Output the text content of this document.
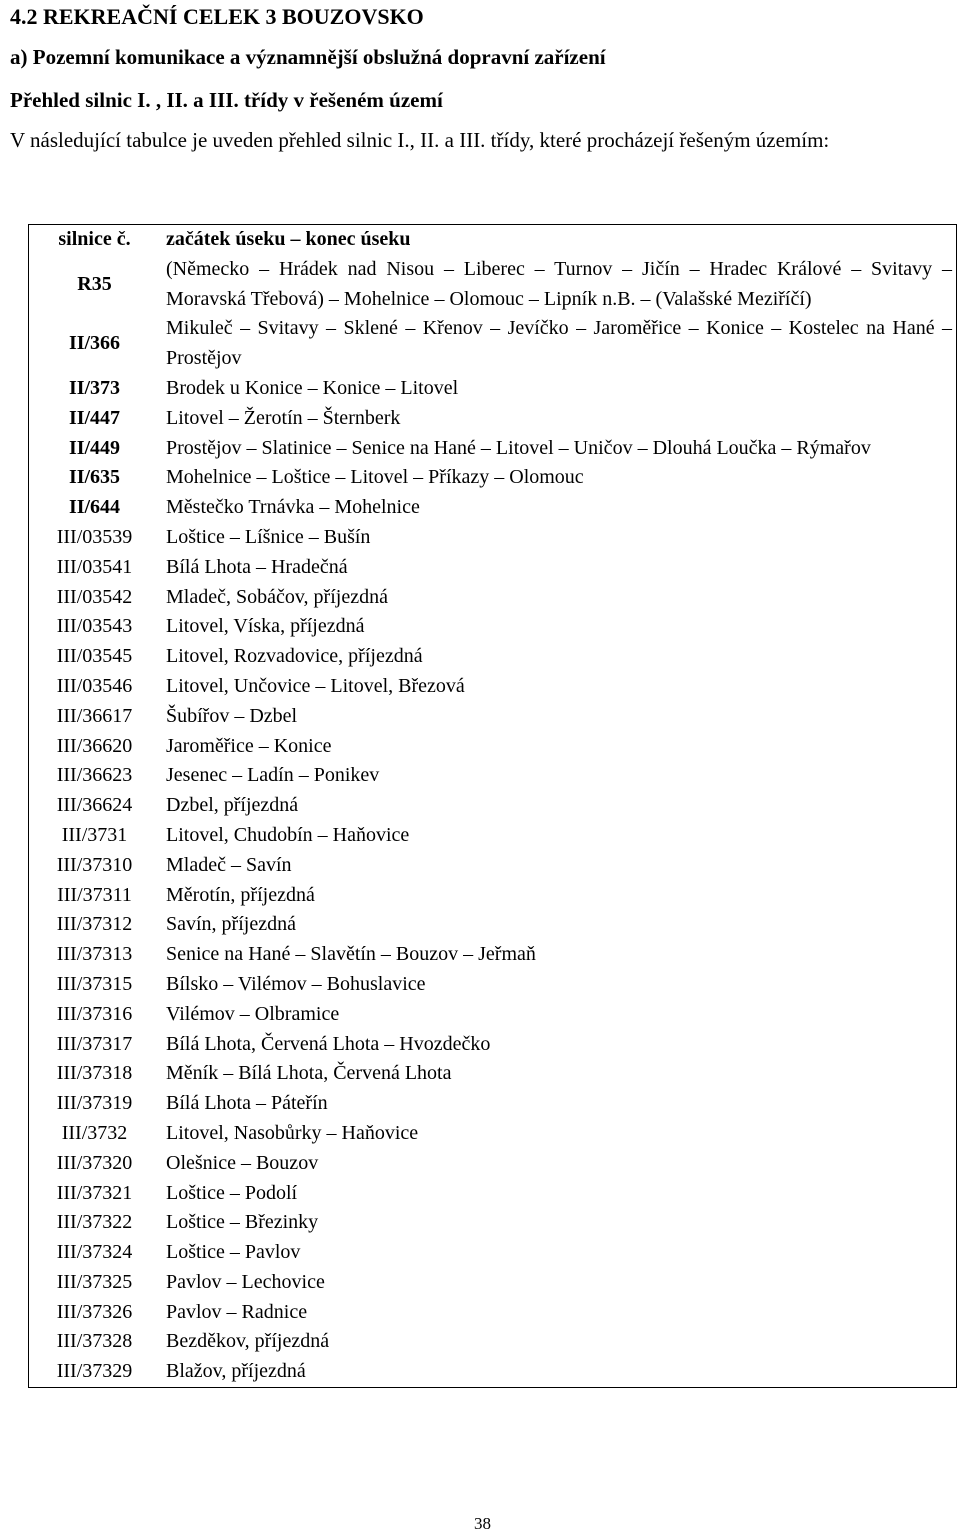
4.2 REKREAČNÍ CELEK 3 BOUZOVSKO
a) Pozemní komunikace a významnější obslužná dopravní zařízení
Přehled silnic I. , II. a III. třídy v řešeném území
V následující tabulce je uveden přehled silnic I., II. a III. třídy, které procházejí řešeným územím:
silnice č.	začátek úseku – konec úseku
R35	(Německo – Hrádek nad Nisou – Liberec – Turnov – Jičín – Hradec Králové – Svitavy – Moravská Třebová) – Mohelnice – Olomouc – Lipník n.B. – (Valašské Meziříčí)
II/366	Mikuleč – Svitavy – Sklené – Křenov – Jevíčko – Jaroměřice – Konice – Kostelec na Hané – Prostějov
II/373	Brodek u Konice – Konice – Litovel
II/447	Litovel – Žerotín – Šternberk
II/449	Prostějov – Slatinice – Senice na Hané – Litovel – Uničov – Dlouhá Loučka – Rýmařov
II/635	Mohelnice – Loštice – Litovel – Příkazy – Olomouc
II/644	Městečko Trnávka – Mohelnice
III/03539	Loštice – Líšnice – Bušín
III/03541	Bílá Lhota – Hradečná
III/03542	Mladeč, Sobáčov, příjezdná
III/03543	Litovel, Víska, příjezdná
III/03545	Litovel, Rozvadovice, příjezdná
III/03546	Litovel, Unčovice – Litovel, Březová
III/36617	Šubířov – Dzbel
III/36620	Jaroměřice – Konice
III/36623	Jesenec – Ladín – Ponikev
III/36624	Dzbel, příjezdná
III/3731	Litovel, Chudobín – Haňovice
III/37310	Mladeč – Savín
III/37311	Měrotín, příjezdná
III/37312	Savín, příjezdná
III/37313	Senice na Hané – Slavětín – Bouzov – Jeřmaň
III/37315	Bílsko – Vilémov – Bohuslavice
III/37316	Vilémov – Olbramice
III/37317	Bílá Lhota, Červená Lhota – Hvozdečko
III/37318	Měník – Bílá Lhota, Červená Lhota
III/37319	Bílá Lhota – Páteřín
III/3732	Litovel, Nasobůrky – Haňovice
III/37320	Olešnice – Bouzov
III/37321	Loštice – Podolí
III/37322	Loštice – Březinky
III/37324	Loštice – Pavlov
III/37325	Pavlov – Lechovice
III/37326	Pavlov – Radnice
III/37328	Bezděkov, příjezdná
III/37329	Blažov, příjezdná
38
